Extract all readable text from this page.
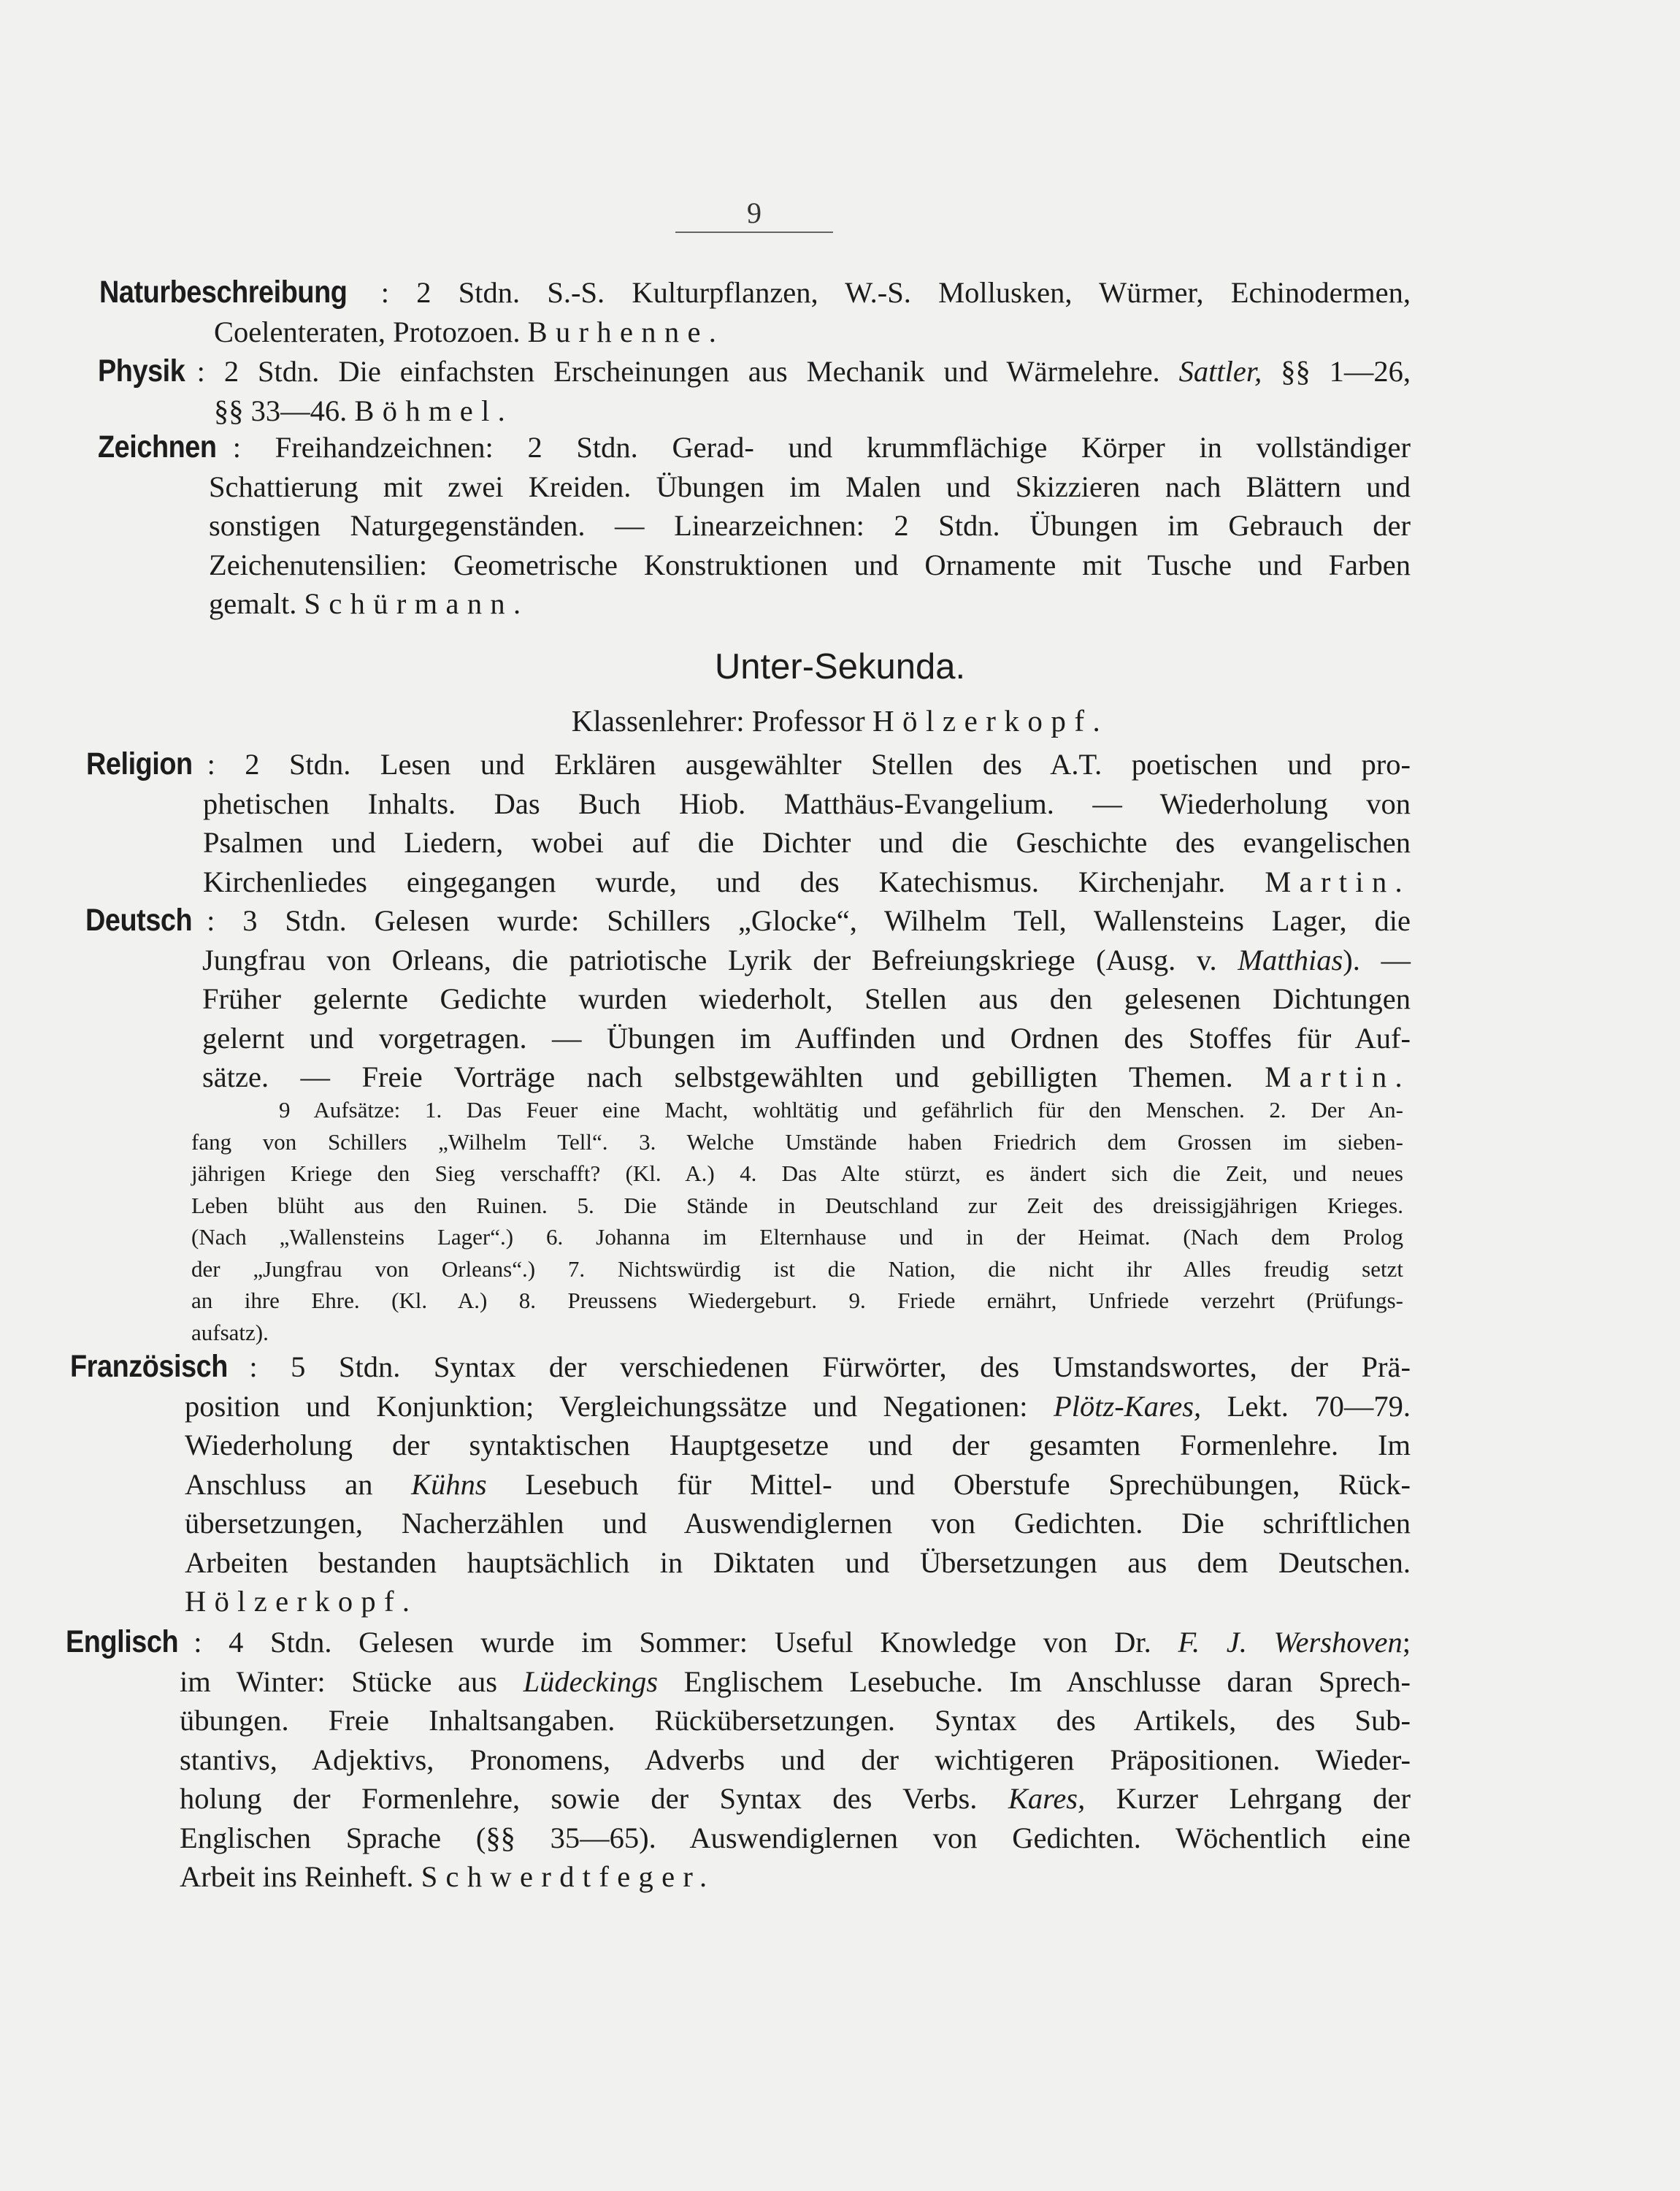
9
Naturbeschreibung : 2 Stdn. S.-S. Kulturpflanzen, W.-S. Mollusken, Würmer, Echinodermen,
Coelenteraten, Protozoen. Burhenne.
Physik : 2 Stdn. Die einfachsten Erscheinungen aus Mechanik und Wärmelehre. Sattler, §§ 1—26,
§§ 33—46. Böhmel.
Zeichnen : Freihandzeichnen: 2 Stdn. Gerad- und krummflächige Körper in vollständiger
Schattierung mit zwei Kreiden. Übungen im Malen und Skizzieren nach Blättern und
sonstigen Naturgegenständen. — Linearzeichnen: 2 Stdn. Übungen im Gebrauch der
Zeichenutensilien: Geometrische Konstruktionen und Ornamente mit Tusche und Farben
gemalt. Schürmann.
Unter-Sekunda.
Klassenlehrer: Professor Hölzerkopf.
Religion : 2 Stdn. Lesen und Erklären ausgewählter Stellen des A.T. poetischen und pro-
phetischen Inhalts. Das Buch Hiob. Matthäus-Evangelium. — Wiederholung von
Psalmen und Liedern, wobei auf die Dichter und die Geschichte des evangelischen
Kirchenliedes eingegangen wurde, und des Katechismus. Kirchenjahr. Martin.
Deutsch : 3 Stdn. Gelesen wurde: Schillers „Glocke“, Wilhelm Tell, Wallensteins Lager, die
Jungfrau von Orleans, die patriotische Lyrik der Befreiungskriege (Ausg. v. Matthias). —
Früher gelernte Gedichte wurden wiederholt, Stellen aus den gelesenen Dichtungen
gelernt und vorgetragen. — Übungen im Auffinden und Ordnen des Stoffes für Auf-
sätze. — Freie Vorträge nach selbstgewählten und gebilligten Themen. Martin.
9 Aufsätze: 1. Das Feuer eine Macht, wohltätig und gefährlich für den Menschen. 2. Der An-
fang von Schillers „Wilhelm Tell“. 3. Welche Umstände haben Friedrich dem Grossen im sieben-
jährigen Kriege den Sieg verschafft? (Kl. A.) 4. Das Alte stürzt, es ändert sich die Zeit, und neues
Leben blüht aus den Ruinen. 5. Die Stände in Deutschland zur Zeit des dreissigjährigen Krieges.
(Nach „Wallensteins Lager“.) 6. Johanna im Elternhause und in der Heimat. (Nach dem Prolog
der „Jungfrau von Orleans“.) 7. Nichtswürdig ist die Nation, die nicht ihr Alles freudig setzt
an ihre Ehre. (Kl. A.) 8. Preussens Wiedergeburt. 9. Friede ernährt, Unfriede verzehrt (Prüfungs-
aufsatz).
Französisch : 5 Stdn. Syntax der verschiedenen Fürwörter, des Umstandswortes, der Prä-
position und Konjunktion; Vergleichungssätze und Negationen: Plötz-Kares, Lekt. 70—79.
Wiederholung der syntaktischen Hauptgesetze und der gesamten Formenlehre. Im
Anschluss an Kühns Lesebuch für Mittel- und Oberstufe Sprechübungen, Rück-
übersetzungen, Nacherzählen und Auswendiglernen von Gedichten. Die schriftlichen
Arbeiten bestanden hauptsächlich in Diktaten und Übersetzungen aus dem Deutschen.
Hölzerkopf.
Englisch : 4 Stdn. Gelesen wurde im Sommer: Useful Knowledge von Dr. F. J. Wershoven;
im Winter: Stücke aus Lüdeckings Englischem Lesebuche. Im Anschlusse daran Sprech-
übungen. Freie Inhaltsangaben. Rückübersetzungen. Syntax des Artikels, des Sub-
stantivs, Adjektivs, Pronomens, Adverbs und der wichtigeren Präpositionen. Wieder-
holung der Formenlehre, sowie der Syntax des Verbs. Kares, Kurzer Lehrgang der
Englischen Sprache (§§ 35—65). Auswendiglernen von Gedichten. Wöchentlich eine
Arbeit ins Reinheft. Schwerdtfeger.
